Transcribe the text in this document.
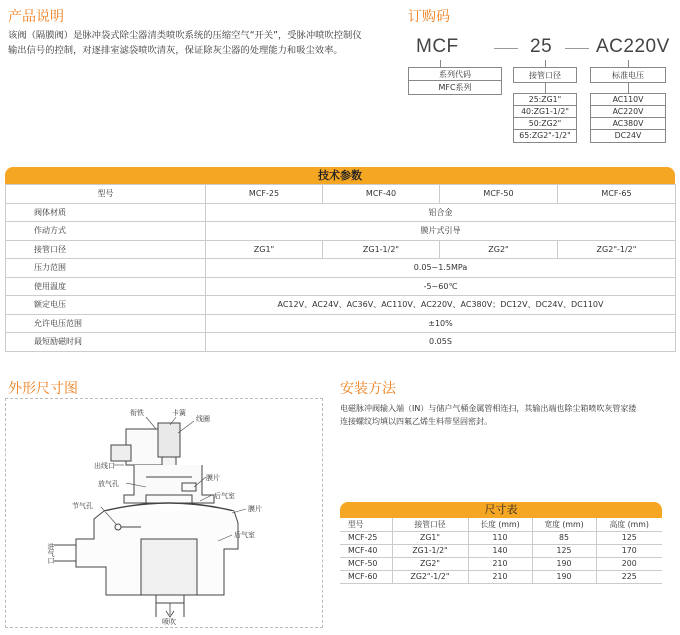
产品说明
该阀（隔膜阀）是脉冲袋式除尘器清类喷吹系统的压缩空气“开关”，受脉冲喷吹控制仪
输出信号的控制，对逐排室滤袋喷吹清灰，保证除灰尘器的处理能力和吸尘效率。
订购码
MCF	25 AC220V
系列代码
MFC系列
接管口径
25:ZG1"
40:ZG1-1/2"
50:ZG2"
65:ZG2"-1/2"
标准电压
AC110V
AC220V
AC380V
DC24V
技术参数
型号	MCF-25	MCF-40	MCF-50	MCF-65
阀体材质	铝合金			
作动方式	膜片式引导			
接管口径	ZG1"	ZG1-1/2"	ZG2"	ZG2"-1/2"
压力范围	0.05~1.5MPa			
使用温度	-5~60℃			
额定电压	AC12V、AC24V、AC36V、AC110V、AC220V、AC380V；DC12V、DC24V、DC110V			
允许电压范围	±10%			
最短励磁时间	0.05S			
外形尺寸图
衔铁	卡簧
线圈
出线口
放气孔
膜片
后气室
节气孔	膜片
后气室
进气口
喷吹
安装方法
电磁脉冲阀输入端（IN）与储户气桶金属管相连扫，其输出端也除尘箱喷吹灰管家搂
连接螺纹均填以四氟乙烯生料带坚固密封。
尺寸表
型号	接管口径	长度 (mm)	宽度 (mm)	高度 (mm)
MCF-25	ZG1"	110	85	125
MCF-40	ZG1-1/2"	140	125	170
MCF-50	ZG2"	210	190	200
MCF-60	ZG2"-1/2"	210	190	225
